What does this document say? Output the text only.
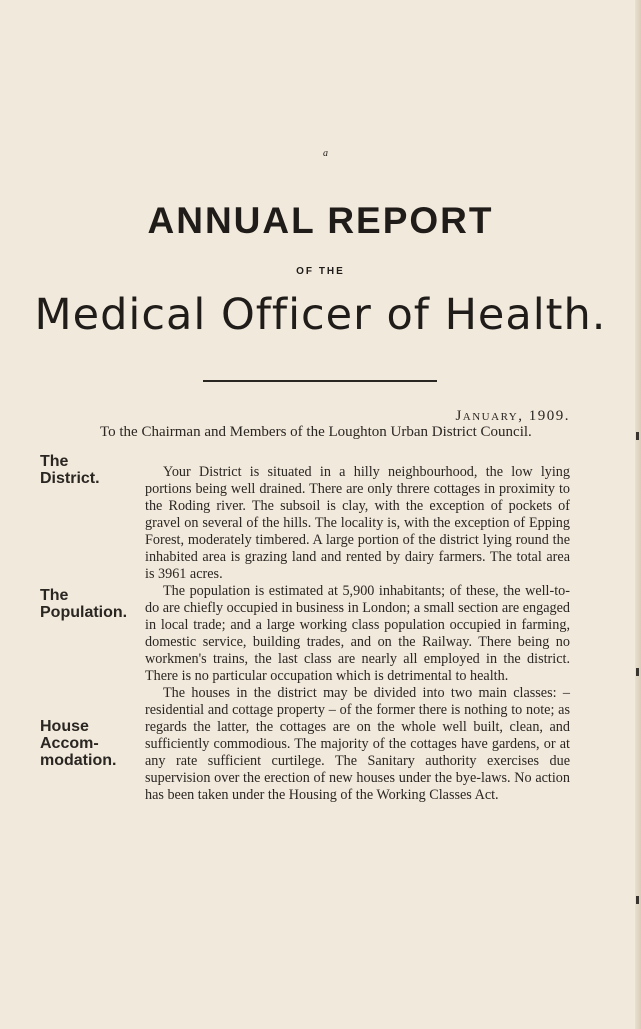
a
ANNUAL REPORT
OF THE
Medical Officer of Health.
January, 1909.
To the Chairman and Members of the Loughton Urban District Council.
The
District.
The
Population.
House
Accom-
modation.

Your District is situated in a hilly neighbourhood, the low lying portions being well drained. There are only threre cottages in proximity to the Roding river. The subsoil is clay, with the exception of pockets of gravel on several of the hills. The locality is, with the exception of Epping Forest, moderately timbered. A large portion of the district lying round the inhabited area is grazing land and rented by dairy farmers. The total area is 3961 acres.

The population is estimated at 5,900 inhabitants; of these, the well-to-do are chiefly occupied in business in London; a small section are engaged in local trade; and a large working class population occupied in farming, domestic service, building trades, and on the Railway. There being no workmen's trains, the last class are nearly all employed in the district. There is no particular occupation which is detrimental to health.

The houses in the district may be divided into two main classes: – residential and cottage property – of the former there is nothing to note; as regards the latter, the cottages are on the whole well built, clean, and sufficiently commodious. The majority of the cottages have gardens, or at any rate sufficient curtilege. The Sanitary authority exercises due supervision over the erection of new houses under the bye-laws. No action has been taken under the Housing of the Working Classes Act.
